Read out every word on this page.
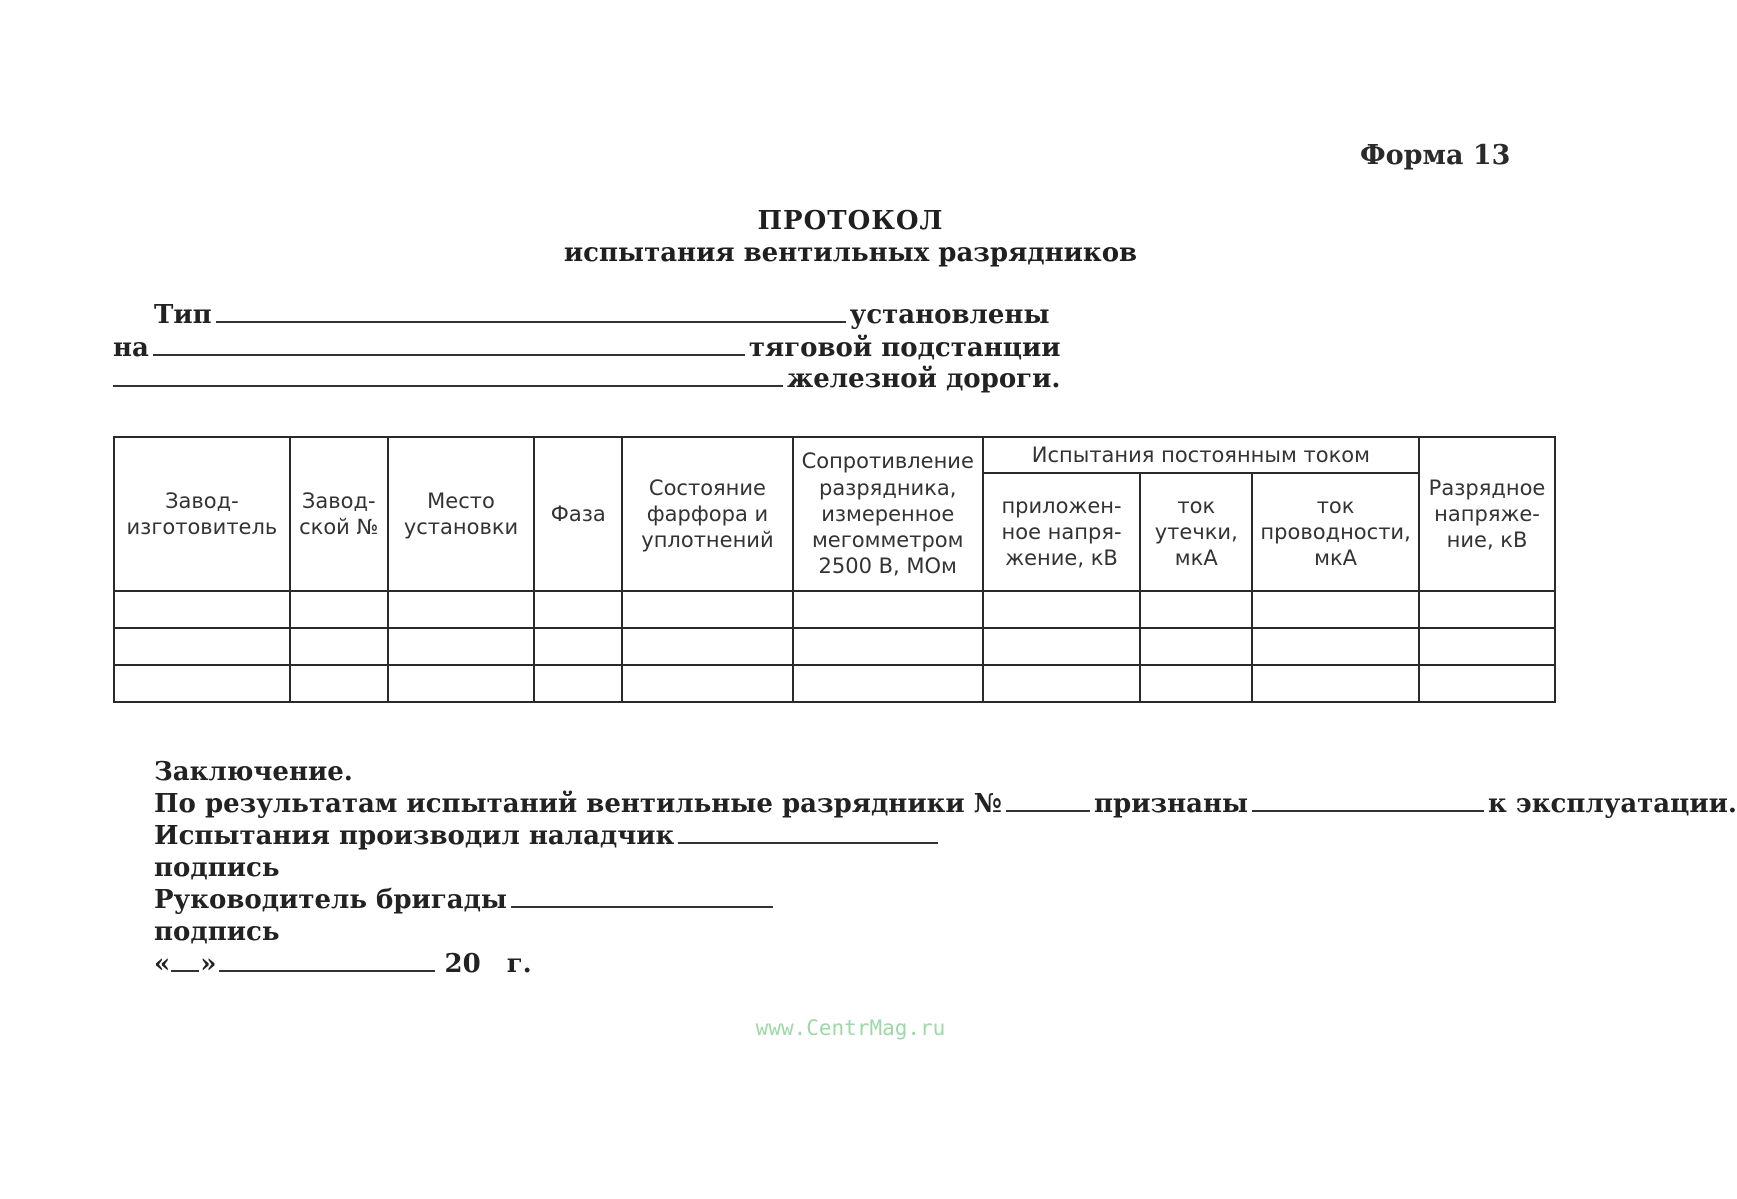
Форма 13
ПРОТОКОЛ
испытания вентильных разрядников
Тип	установлены
на	тяговой подстанции
железной дороги.
Завод-изготовитель	Завод-ской №	Место установки	Фаза	Состояние фарфора и уплотнений	Сопротивление разрядника, измеренное мегомметром 2500 В, МОм	Испытания постоянным током			Разрядное напряже-ние, кВ
						приложен-ное напря-жение, кВ	ток утечки, мкА	ток проводности, мкА	

Заключение.
По результатам испытаний вентильные разрядники №	признаны	к эксплуатации.
Испытания производил наладчик
подпись
Руководитель бригады
подпись
« »	20 г.
www.CentrMag.ru
